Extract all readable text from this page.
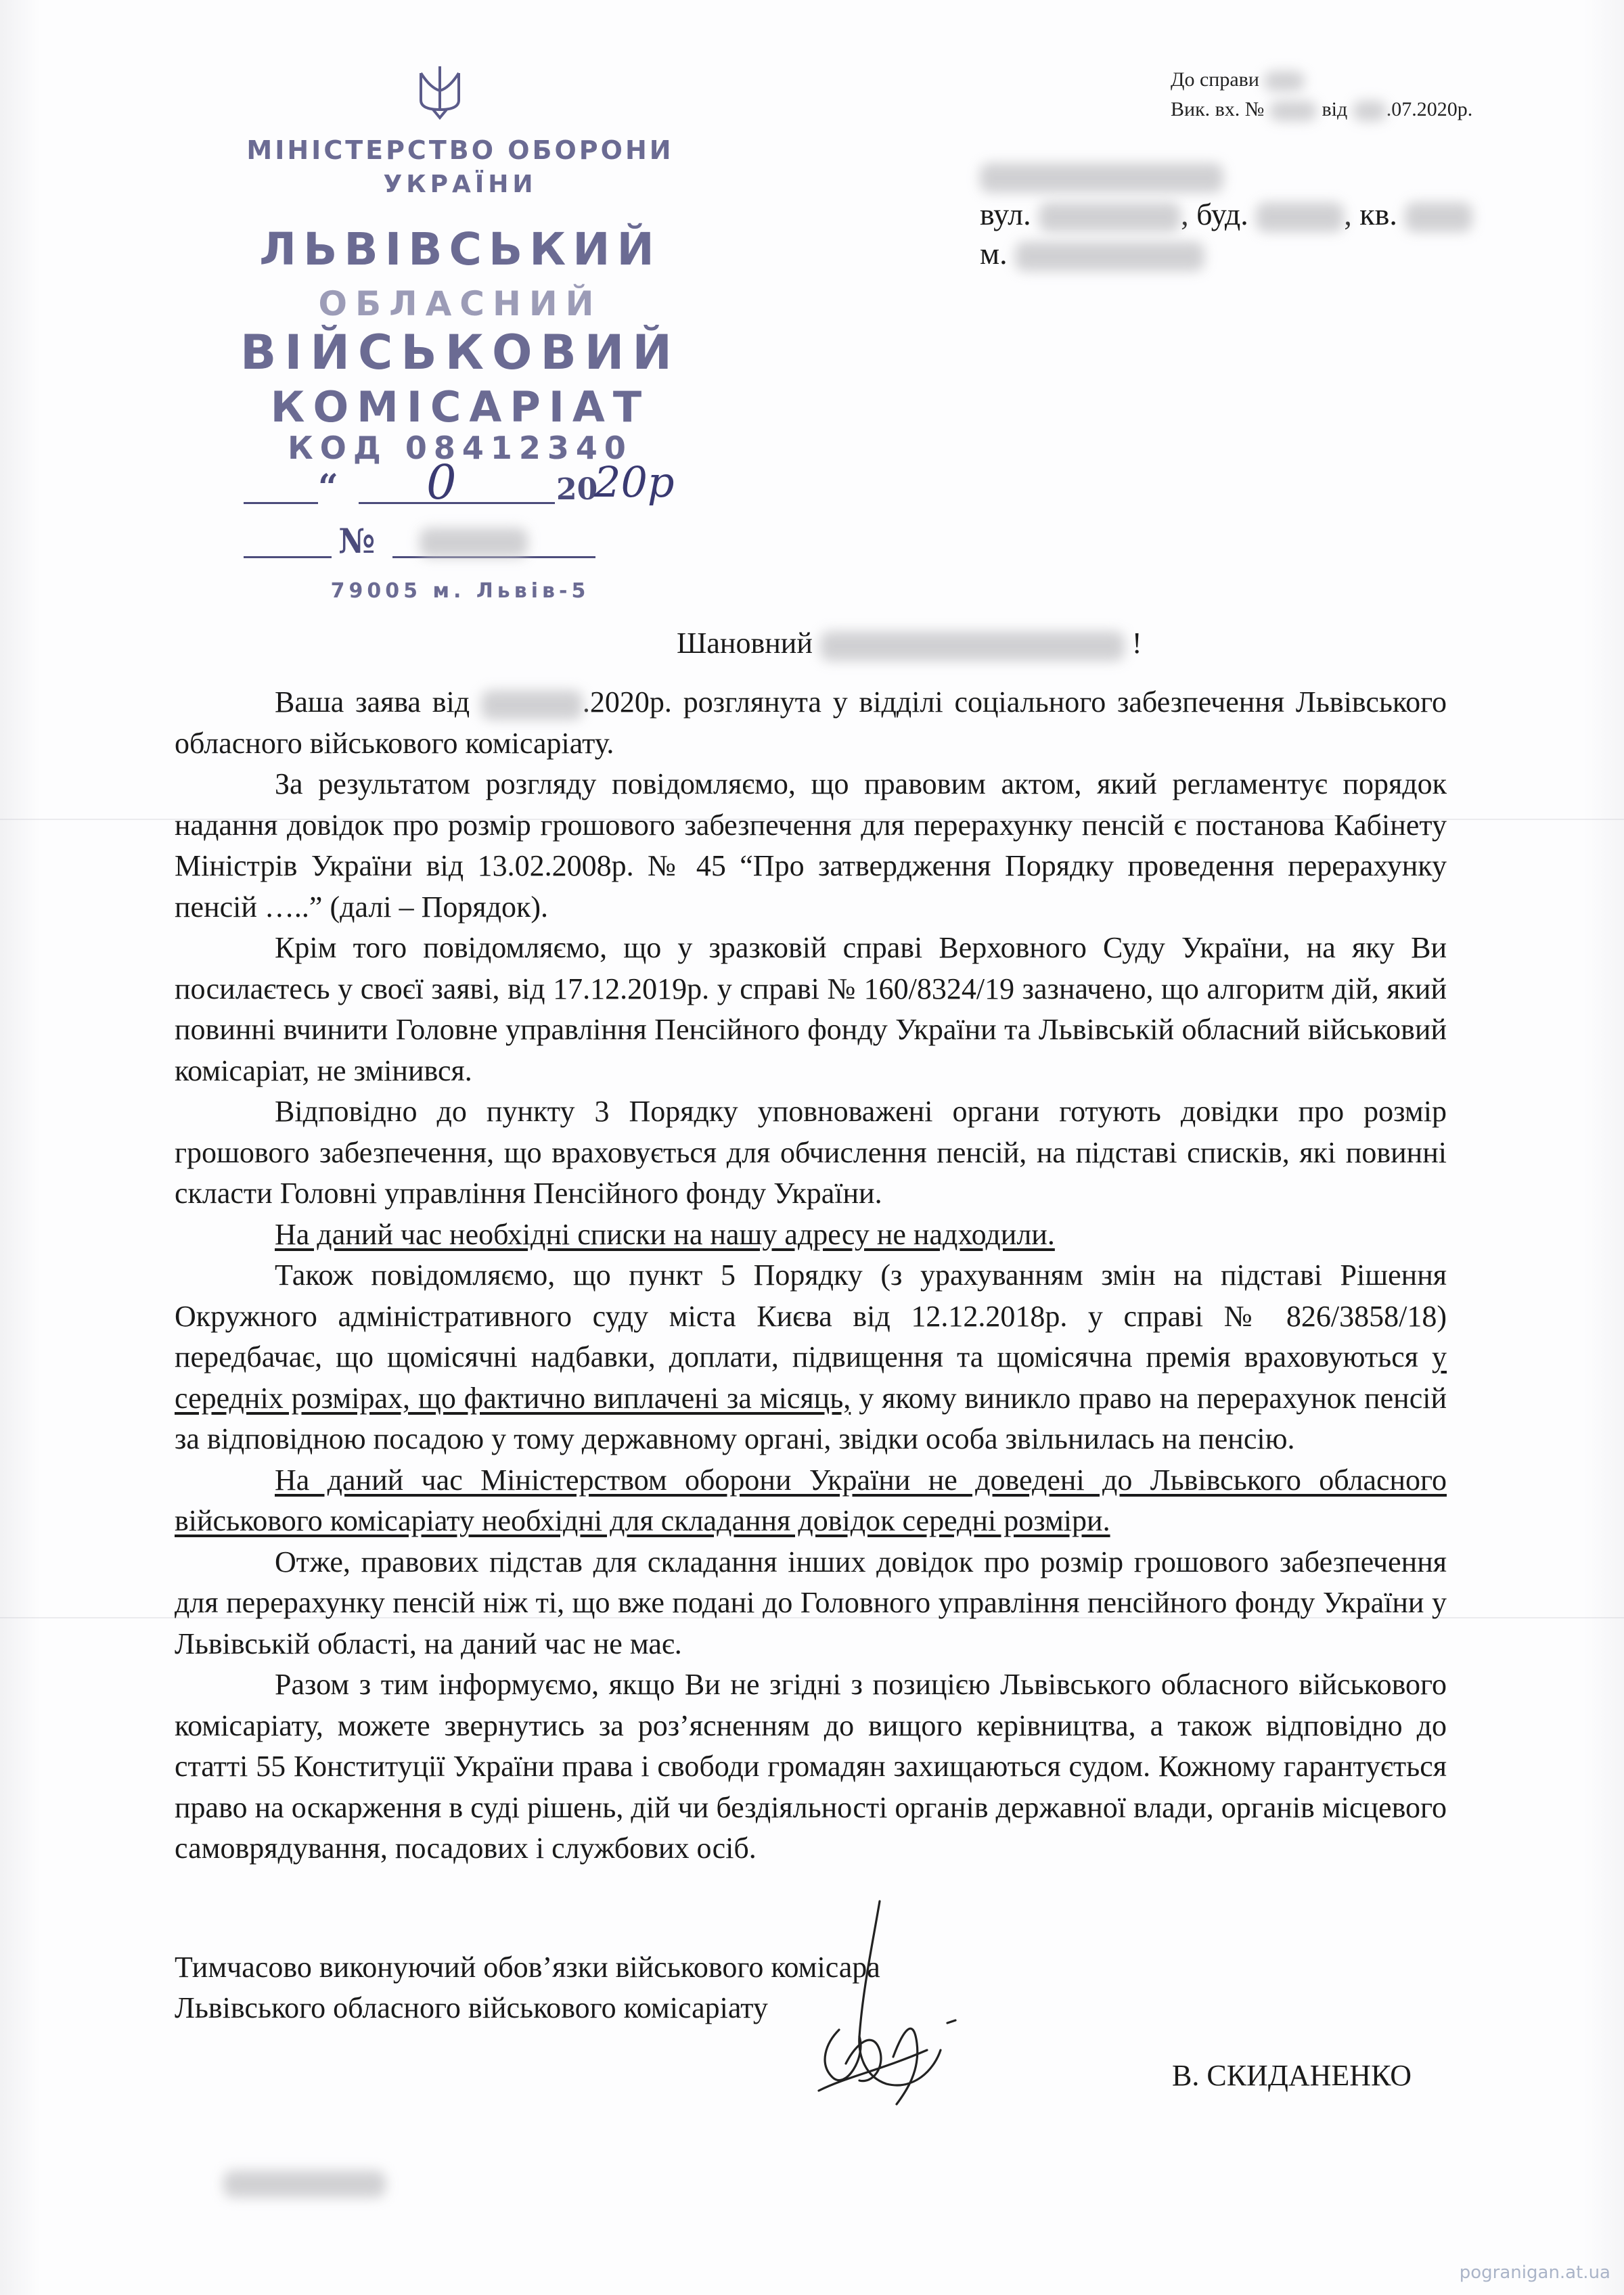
МІНІСТЕРСТВО ОБОРОНИ
УКРАЇНИ
ЛЬВІВСЬКИЙ
ОБЛАСНИЙ
ВІЙСЬКОВИЙ
КОМІСАРІАТ
КОД 08412340
“ 0	20
20р
№
79005 м. Львів-5
До справи
Вик. вх. №	від .07.2020р.
вул.	, буд.	, кв.
м.
Шановний	!

Ваша заява від	.2020р. розглянута у відділі соціального забезпечення Львівського обласного військового комісаріату.

За результатом розгляду повідомляємо, що правовим актом, який регламентує порядок надання довідок про розмір грошового забезпечення для перерахунку пенсій є постанова Кабінету Міністрів України від 13.02.2008р. № 45 “Про затвердження Порядку проведення перерахунку пенсій …..” (далі – Порядок).

Крім того повідомляємо, що у зразковій справі Верховного Суду України, на яку Ви посилаєтесь у своєї заяві, від 17.12.2019р. у справі № 160/8324/19 зазначено, що алгоритм дій, який повинні вчинити Головне управління Пенсійного фонду України та Львівській обласний військовий комісаріат, не змінився.

Відповідно до пункту 3 Порядку уповноважені органи готують довідки про розмір грошового забезпечення, що враховується для обчислення пенсій, на підставі списків, які повинні скласти Головні управління Пенсійного фонду України.

На даний час необхідні списки на нашу адресу не надходили.

Також повідомляємо, що пункт 5 Порядку (з урахуванням змін на підставі Рішення Окружного адміністративного суду міста Києва від 12.12.2018р. у справі № 826/3858/18) передбачає, що щомісячні надбавки, доплати, підвищення та щомісячна премія враховуються у середніх розмірах, що фактично виплачені за місяць, у якому виникло право на перерахунок пенсій за відповідною посадою у тому державному органі, звідки особа звільнилась на пенсію.

На даний час Міністерством оборони України не доведені до Львівського обласного військового комісаріату необхідні для складання довідок середні розміри.

Отже, правових підстав для складання інших довідок про розмір грошового забезпечення для перерахунку пенсій ніж ті, що вже подані до Головного управління пенсійного фонду України у Львівській області, на даний час не має.

Разом з тим інформуємо, якщо Ви не згідні з позицією Львівського обласного військового комісаріату, можете звернутись за роз’ясненням до вищого керівництва, а також відповідно до статті 55 Конституції України права і свободи громадян захищаються судом. Кожному гарантується право на оскарження в суді рішень, дій чи бездіяльності органів державної влади, органів місцевого самоврядування, посадових і службових осіб.

Тимчасово виконуючий обов’язки військового комісара
Львівського обласного військового комісаріату
В. СКИДАНЕНКО
pogranigan.at.ua
